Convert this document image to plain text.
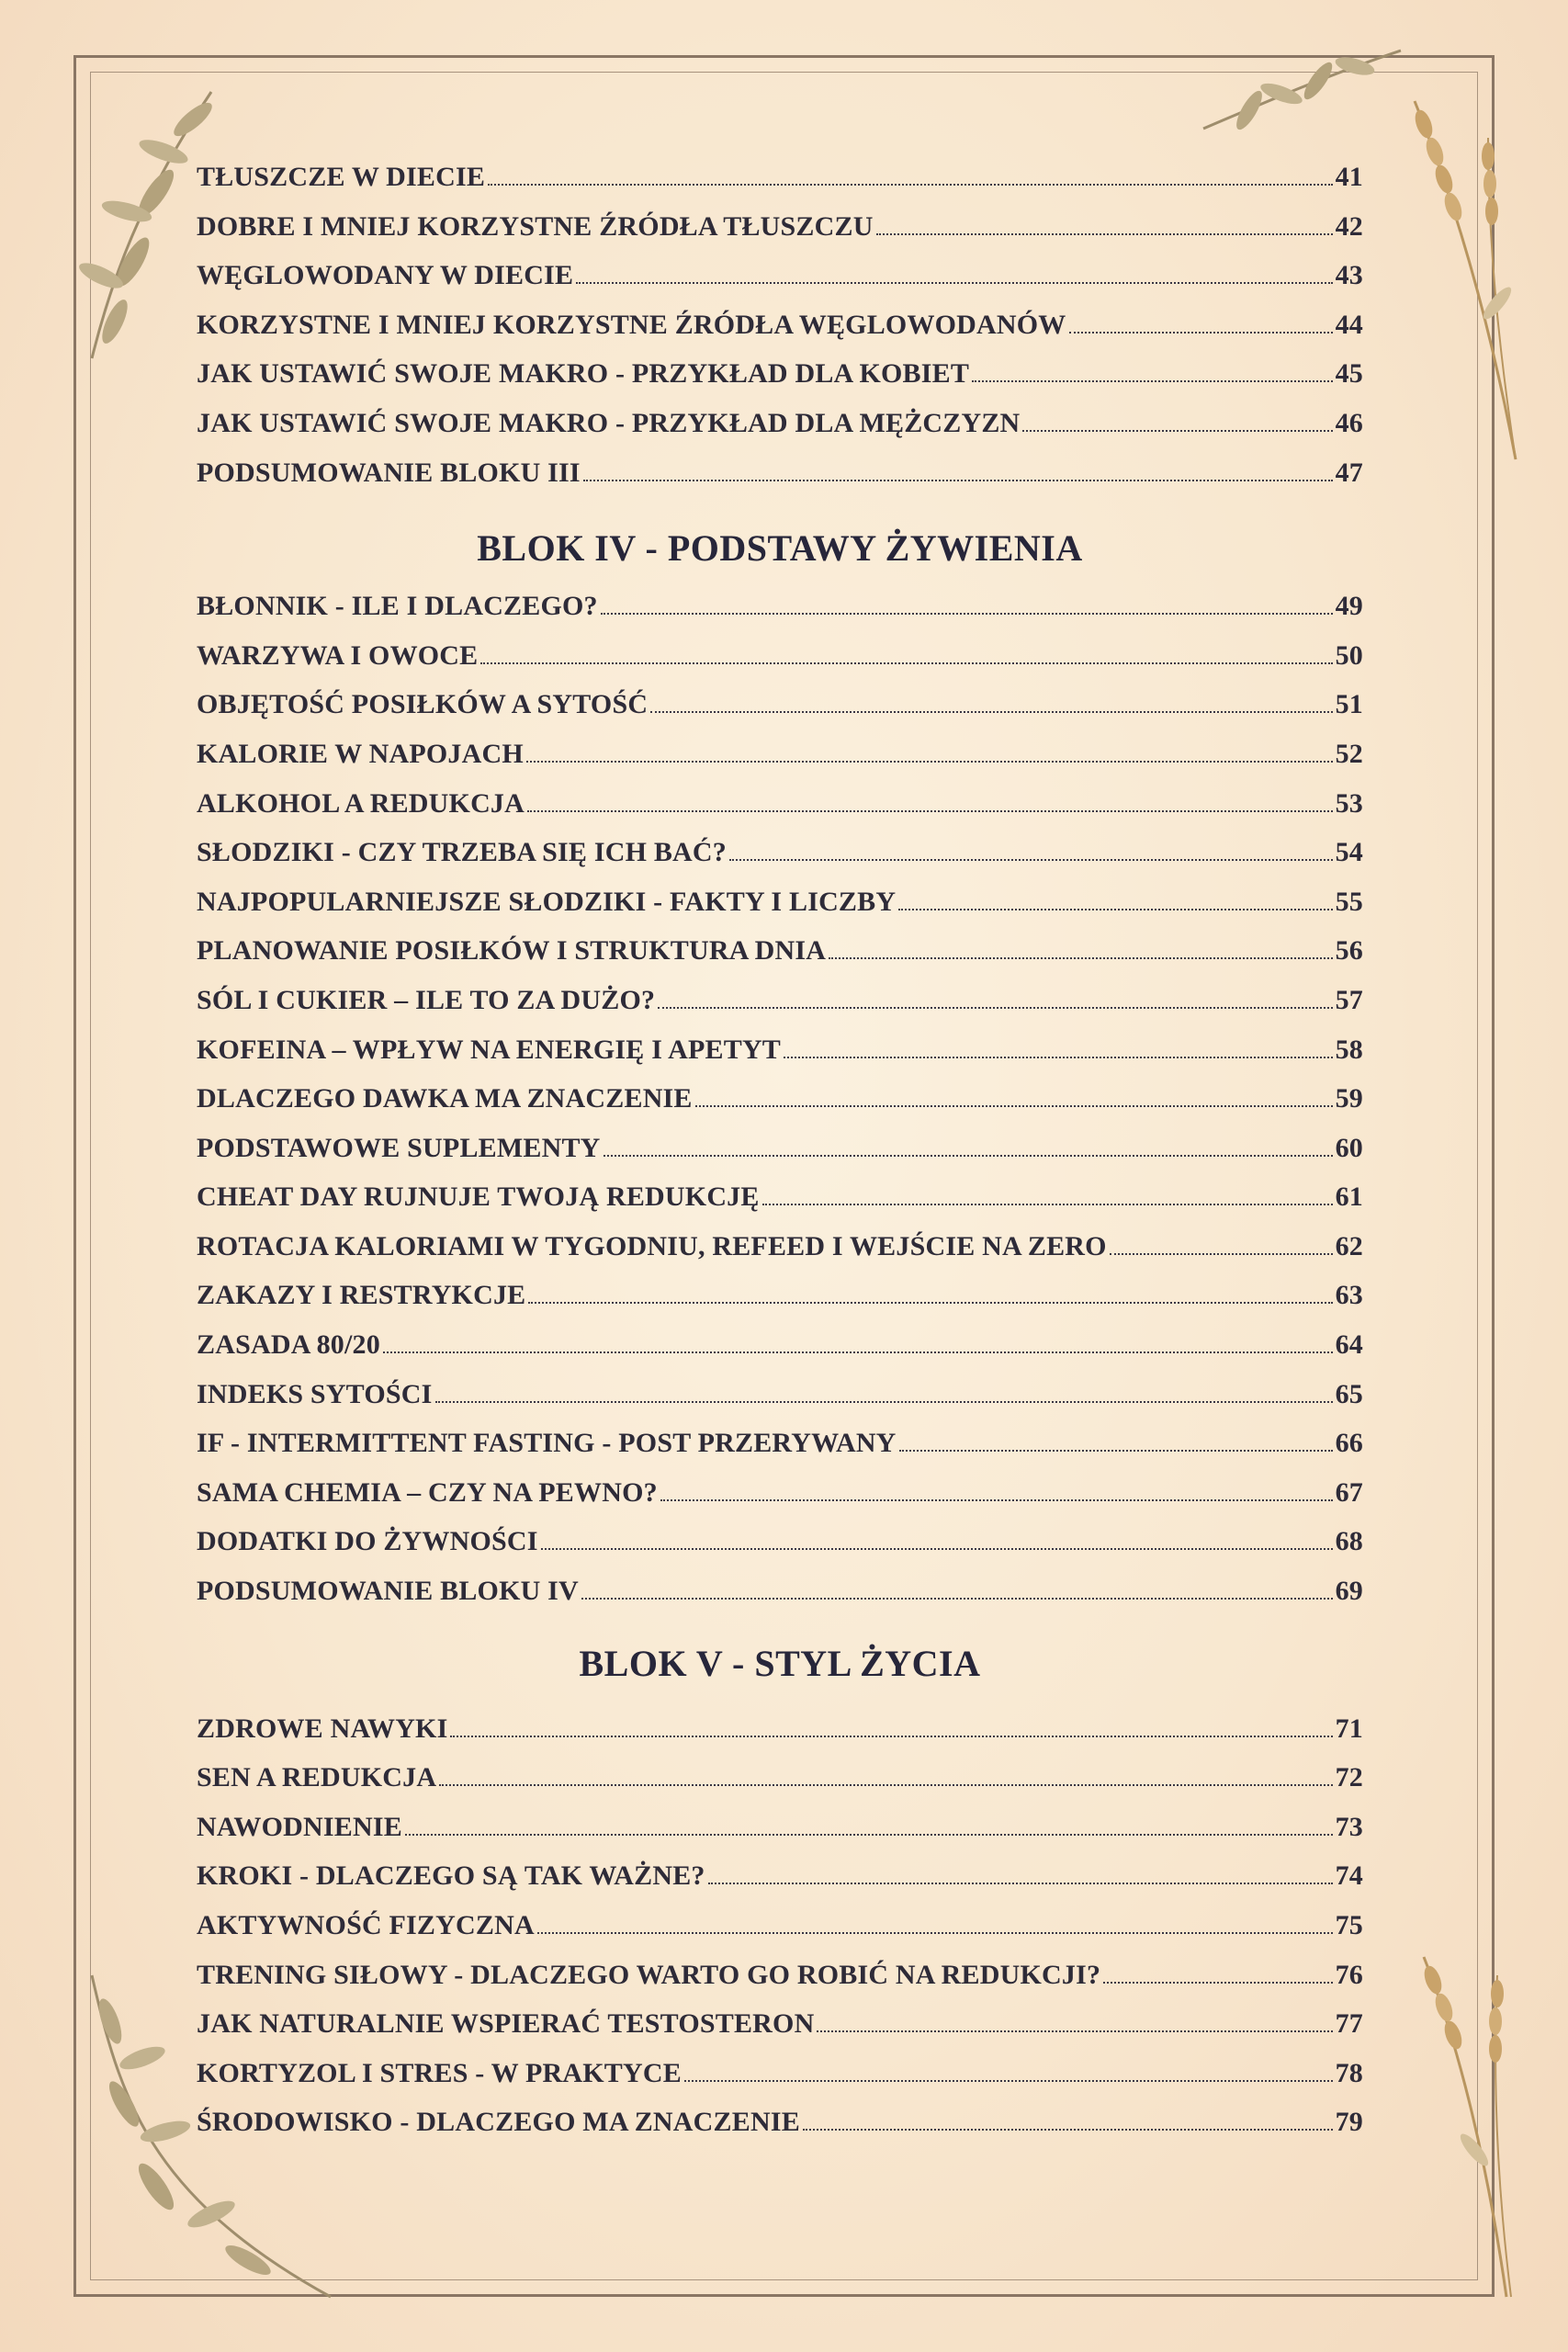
TŁUSZCZE W DIECIE	41
DOBRE I MNIEJ KORZYSTNE ŹRÓDŁA TŁUSZCZU	42
WĘGLOWODANY W DIECIE	43
KORZYSTNE I MNIEJ KORZYSTNE ŹRÓDŁA WĘGLOWODANÓW	44
JAK USTAWIĆ SWOJE MAKRO - PRZYKŁAD DLA KOBIET	45
JAK USTAWIĆ SWOJE MAKRO - PRZYKŁAD DLA MĘŻCZYZN	46
PODSUMOWANIE BLOKU III	47
BLOK IV - PODSTAWY ŻYWIENIA
BŁONNIK - ILE I DLACZEGO?	49
WARZYWA I OWOCE	50
OBJĘTOŚĆ POSIŁKÓW A SYTOŚĆ	51
KALORIE W NAPOJACH	52
ALKOHOL A REDUKCJA	53
SŁODZIKI - CZY TRZEBA SIĘ ICH BAĆ?	54
NAJPOPULARNIEJSZE SŁODZIKI - FAKTY I LICZBY	55
PLANOWANIE POSIŁKÓW I STRUKTURA DNIA	56
SÓL I CUKIER – ILE TO ZA DUŻO?	57
KOFEINA – WPŁYW NA ENERGIĘ I APETYT	58
DLACZEGO DAWKA MA ZNACZENIE	59
PODSTAWOWE SUPLEMENTY	60
CHEAT DAY RUJNUJE TWOJĄ REDUKCJĘ	61
ROTACJA KALORIAMI W TYGODNIU, REFEED I WEJŚCIE NA ZERO	62
ZAKAZY I RESTRYKCJE	63
ZASADA 80/20	64
INDEKS SYTOŚCI	65
IF - INTERMITTENT FASTING - POST PRZERYWANY	66
SAMA CHEMIA – CZY NA PEWNO?	67
DODATKI DO ŻYWNOŚCI	68
PODSUMOWANIE BLOKU IV	69
BLOK V - STYL ŻYCIA
ZDROWE NAWYKI	71
SEN A REDUKCJA	72
NAWODNIENIE	73
KROKI - DLACZEGO SĄ TAK WAŻNE?	74
AKTYWNOŚĆ FIZYCZNA	75
TRENING SIŁOWY - DLACZEGO WARTO GO ROBIĆ NA REDUKCJI?	76
JAK NATURALNIE WSPIERAĆ TESTOSTERON	77
KORTYZOL I STRES - W PRAKTYCE	78
ŚRODOWISKO - DLACZEGO MA ZNACZENIE	79
